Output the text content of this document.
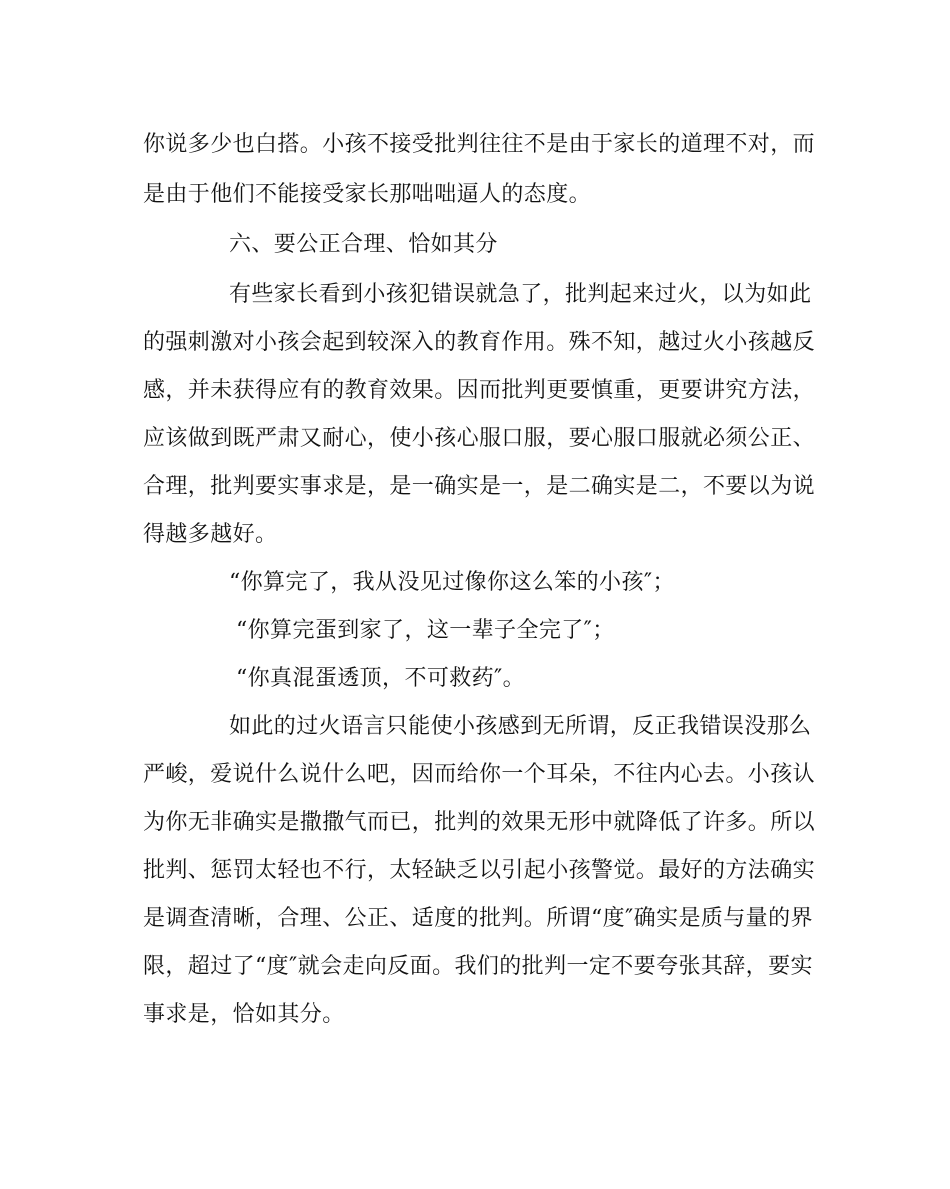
你说多少也白搭。小孩不接受批判往往不是由于家长的道理不对，而
是由于他们不能接受家长那咄咄逼人的态度。
六、要公正合理、恰如其分
有些家长看到小孩犯错误就急了，批判起来过火，以为如此
的强刺激对小孩会起到较深入的教育作用。殊不知，越过火小孩越反
感，并未获得应有的教育效果。因而批判更要慎重，更要讲究方法，
应该做到既严肃又耐心，使小孩心服口服，要心服口服就必须公正、
合理，批判要实事求是，是一确实是一，是二确实是二，不要以为说
得越多越好。
“你算完了，我从没见过像你这么笨的小孩″；
“你算完蛋到家了，这一辈子全完了″；
“你真混蛋透顶，不可救药″。
如此的过火语言只能使小孩感到无所谓，反正我错误没那么
严峻，爱说什么说什么吧，因而给你一个耳朵，不往内心去。小孩认
为你无非确实是撒撒气而已，批判的效果无形中就降低了许多。所以
批判、惩罚太轻也不行，太轻缺乏以引起小孩警觉。最好的方法确实
是调查清晰，合理、公正、适度的批判。所谓“度″确实是质与量的界
限，超过了“度″就会走向反面。我们的批判一定不要夸张其辞，要实
事求是，恰如其分。
